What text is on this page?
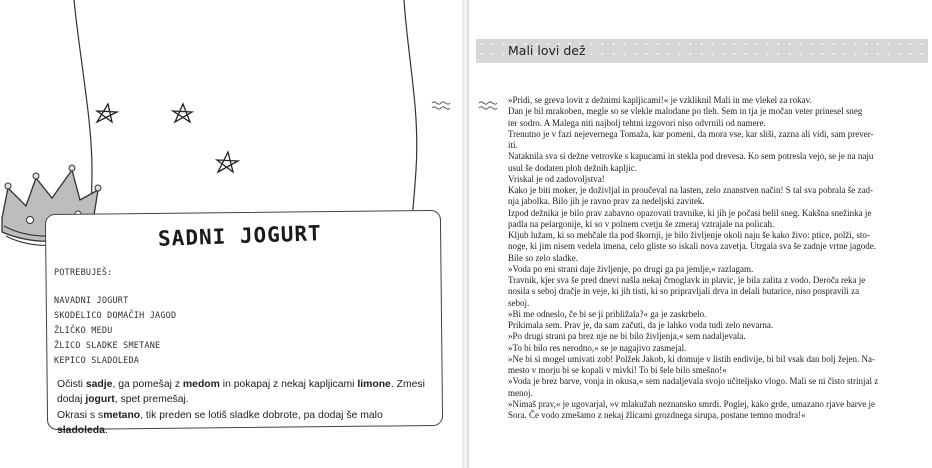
SADNI JOGURT
POTREBUJEŠ:
NAVADNI JOGURT
SKODELICO DOMAČIH JAGOD
ŽLIČKO MEDU
ŽLICO SLADKE SMETANE
KEPICO SLADOLEDA

Očisti sadje, ga pomešaj z medom in pokapaj z nekaj kapljicami limone. Zmesi dodaj jogurt, spet premešaj.

Okrasi s smetano, tik preden se lotiš sladke dobrote, pa dodaj še malo sladoleda.

Mali lovi dež

»Pridi, se greva lovit z dežnimi kapljicami!« je vzkliknil Mali in me vlekel za rokav.

Dan je bil mrakoben, megle so se vlekle malodane po tleh. Sem in tja je močan veter prinesel sneg

ter sodro. A Malega niti najbolj tehtni izgovori niso odvrnili od namere.

Trenutno je v fazi nejevernega Tomaža, kar pomeni, da mora vse, kar sliši, zazna ali vidi, sam prever-

iti.

Nataknila sva si dežne vetrovke s kapucami in stekla pod drevesa. Ko sem potresla vejo, se je na naju

usul še dodaten ploh dežnih kapljic.

Vriskal je od zadovoljstva!

Kako je biti moker, je doživljal in proučeval na lasten, zelo znanstven način! S tal sva pobrala še zad-

nja jabolka. Bilo jih je ravno prav za nedeljski zavitek.

Izpod dežnika je bilo prav zabavno opazovati travnike, ki jih je počasi belil sneg. Kakšna snežinka je

padla na pelargonije, ki so v polnem cvetju še zmeraj vztrajale na policah.

Kljub lužam, ki so mehčale tla pod škornji, je bilo življenje okoli naju še kako živo: ptice, polži, sto-

noge, ki jim nisem vedela imena, celo gliste so iskali nova zavetja. Utrgala sva še zadnje vrtne jagode.

Bile so zelo sladke.

»Voda po eni strani daje življenje, po drugi ga pa jemlje,« razlagam.

Travnik, kjer sva še pred dnevi našla nekaj črnoglavk in plavic, je bila zalita z vodo. Deroča reka je

nosila s seboj dračje in veje, ki jih tisti, ki so pripravljali drva in delali butarice, niso pospravili za

seboj.

»Bi me odneslo, če bi se ji približala?« ga je zaskrbelo.

Prikimala sem. Prav je, da sam začuti, da je lahko voda tudi zelo nevarna.

»Po drugi strani pa brez nje ne bi bilo življenja,« sem nadaljevala.

»To bi bilo res nerodno,« se je nagajivo zasmejal.

»Ne bi si mogel umivati zob! Polžek Jakob, ki domuje v listih endivije, bi bil vsak dan bolj žejen. Na-

mesto v morju bi se kopali v mivki! To bi šele bilo smešno!«

»Voda je brez barve, vonja in okusa,« sem nadaljevala svojo učiteljsko vlogo. Mali se ni čisto strinjal z

menoj.

»Nimaš prav,« je ugovarjal, »v mlakužah neznansko smrdi. Poglej, kako grde, umazano rjave barve je

Sora. Če vodo zmešamo z nekaj žlicami grozdnega sirupa, postane temno modra!«
